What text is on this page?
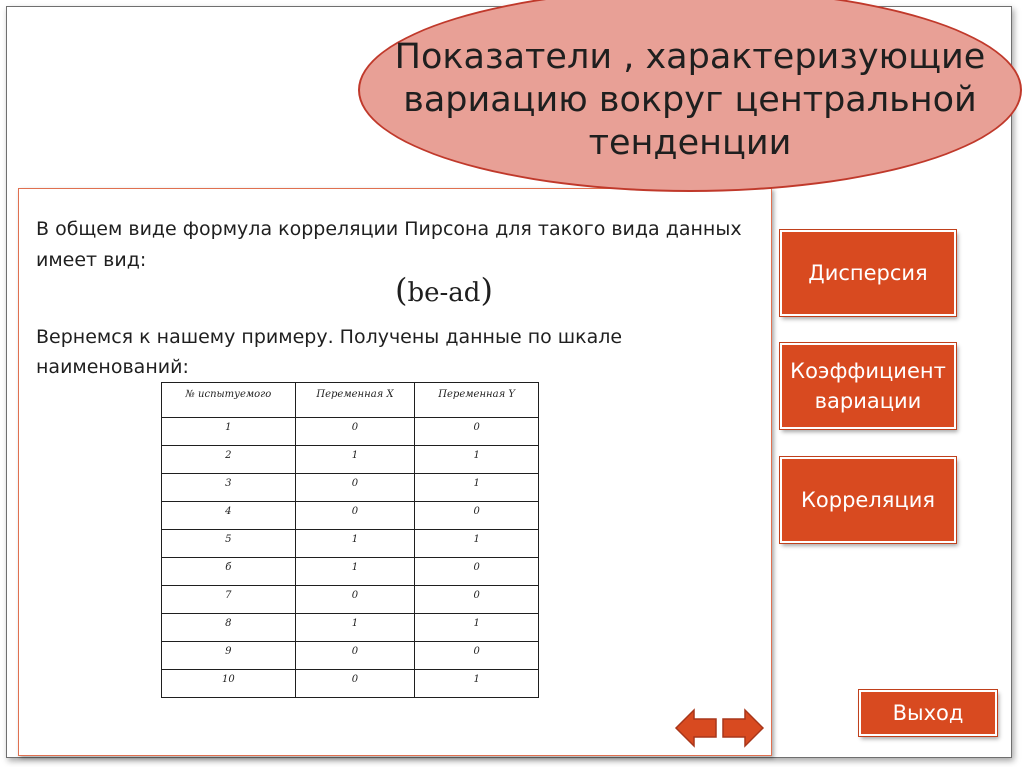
Показатели , характеризующие
вариацию вокруг центральной
тенденции
В общем виде формула корреляции Пирсона для такого вида данных имеет вид:
(be-ad)
Вернемся к нашему примеру. Получены данные по шкале наименований:
№ испытуемого	Переменная Х	Переменная Y
1	0	0
2	1	1
3	0	1
4	0	0
5	1	1
б	1	0
7	0	0
8	1	1
9	0	0
10	0	1
Дисперсия
Коэффициент
вариации
Корреляция
Выход
